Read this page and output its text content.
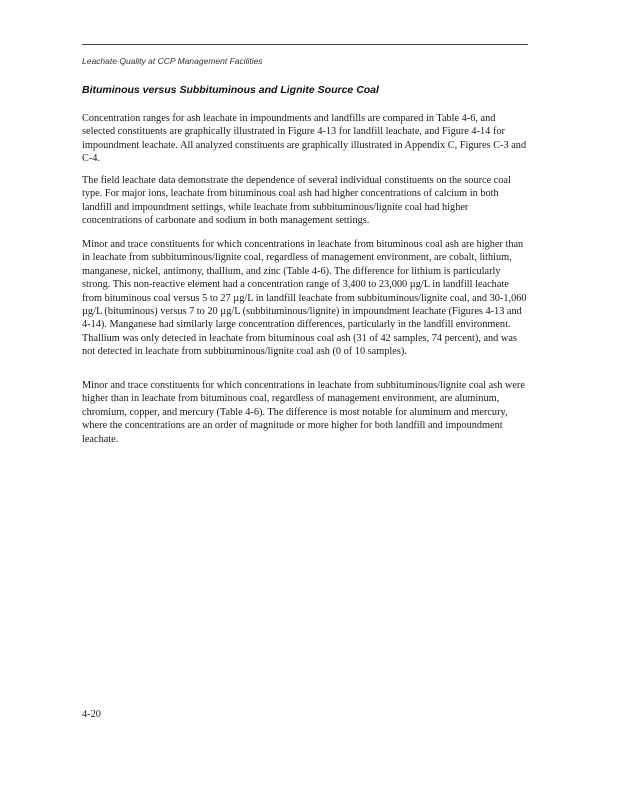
Leachate Quality at CCP Management Facilities
Bituminous versus Subbituminous and Lignite Source Coal

Concentration ranges for ash leachate in impoundments and landfills are compared in Table 4-6, and selected constituents are graphically illustrated in Figure 4-13 for landfill leachate, and Figure 4-14 for impoundment leachate. All analyzed constituents are graphically illustrated in Appendix C, Figures C-3 and C-4.

The field leachate data demonstrate the dependence of several individual constituents on the source coal type. For major ions, leachate from bituminous coal ash had higher concentrations of calcium in both landfill and impoundment settings, while leachate from subbituminous/lignite coal had higher concentrations of carbonate and sodium in both management settings.

Minor and trace constituents for which concentrations in leachate from bituminous coal ash are higher than in leachate from subbituminous/lignite coal, regardless of management environment, are cobalt, lithium, manganese, nickel, antimony, thallium, and zinc (Table 4-6). The difference for lithium is particularly strong. This non-reactive element had a concentration range of 3,400 to 23,000 µg/L in landfill leachate from bituminous coal versus 5 to 27 µg/L in landfill leachate from subbituminous/lignite coal, and 30-1,060 µg/L (bituminous) versus 7 to 20 µg/L (subbituminous/lignite) in impoundment leachate (Figures 4-13 and 4-14). Manganese had similarly large concentration differences, particularly in the landfill environment. Thallium was only detected in leachate from bituminous coal ash (31 of 42 samples, 74 percent), and was not detected in leachate from subbituminous/lignite coal ash (0 of 10 samples).

Minor and trace constituents for which concentrations in leachate from subbituminous/lignite coal ash were higher than in leachate from bituminous coal, regardless of management environment, are aluminum, chromium, copper, and mercury (Table 4-6). The difference is most notable for aluminum and mercury, where the concentrations are an order of magnitude or more higher for both landfill and impoundment leachate.

4-20
